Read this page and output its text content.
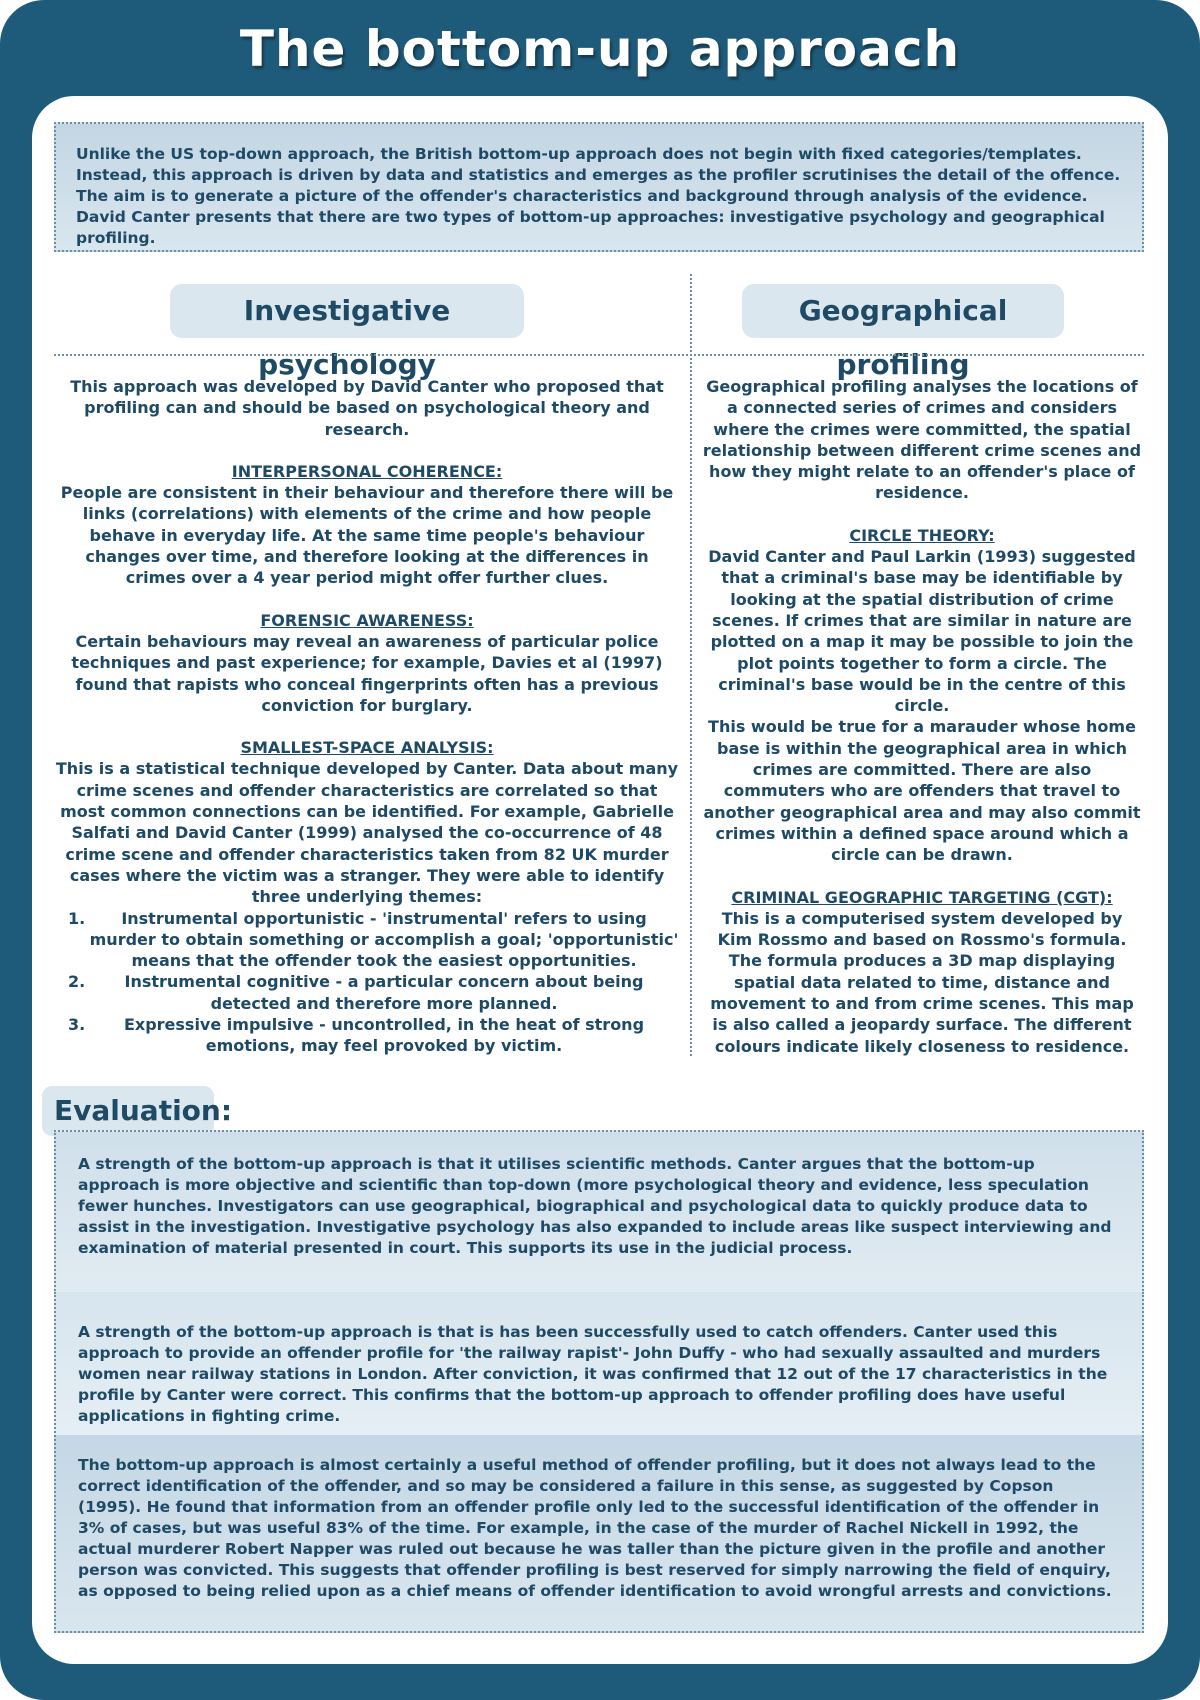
The bottom-up approach
Unlike the US top-down approach, the British bottom-up approach does not begin with fixed categories/templates. Instead, this approach is driven by data and statistics and emerges as the profiler scrutinises the detail of the offence. The aim is to generate a picture of the offender's characteristics and background through analysis of the evidence. David Canter presents that there are two types of bottom-up approaches: investigative psychology and geographical profiling.
Investigative psychology
Geographical profiling

This approach was developed by David Canter who proposed that profiling can and should be based on psychological theory and research.

INTERPERSONAL COHERENCE:

People are consistent in their behaviour and therefore there will be links (correlations) with elements of the crime and how people behave in everyday life. At the same time people's behaviour changes over time, and therefore looking at the differences in crimes over a 4 year period might offer further clues.

FORENSIC AWARENESS:

Certain behaviours may reveal an awareness of particular police techniques and past experience; for example, Davies et al (1997) found that rapists who conceal fingerprints often has a previous conviction for burglary.

SMALLEST-SPACE ANALYSIS:

This is a statistical technique developed by Canter. Data about many crime scenes and offender characteristics are correlated so that most common connections can be identified. For example, Gabrielle Salfati and David Canter (1999) analysed the co-occurrence of 48 crime scene and offender characteristics taken from 82 UK murder cases where the victim was a stranger. They were able to identify three underlying themes:

1. Instrumental opportunistic - 'instrumental' refers to using murder to obtain something or accomplish a goal; 'opportunistic' means that the offender took the easiest opportunities.
2. Instrumental cognitive - a particular concern about being detected and therefore more planned.
3. Expressive impulsive - uncontrolled, in the heat of strong emotions, may feel provoked by victim.

Geographical profiling analyses the locations of a connected series of crimes and considers where the crimes were committed, the spatial relationship between different crime scenes and how they might relate to an offender's place of residence.

CIRCLE THEORY:

David Canter and Paul Larkin (1993) suggested that a criminal's base may be identifiable by looking at the spatial distribution of crime scenes. If crimes that are similar in nature are plotted on a map it may be possible to join the plot points together to form a circle. The criminal's base would be in the centre of this circle.

This would be true for a marauder whose home base is within the geographical area in which crimes are committed. There are also commuters who are offenders that travel to another geographical area and may also commit crimes within a defined space around which a circle can be drawn.

CRIMINAL GEOGRAPHIC TARGETING (CGT):

This is a computerised system developed by Kim Rossmo and based on Rossmo's formula. The formula produces a 3D map displaying spatial data related to time, distance and movement to and from crime scenes. This map is also called a jeopardy surface. The different colours indicate likely closeness to residence.

Evaluation:
A strength of the bottom-up approach is that it utilises scientific methods. Canter argues that the bottom-up approach is more objective and scientific than top-down (more psychological theory and evidence, less speculation fewer hunches. Investigators can use geographical, biographical and psychological data to quickly produce data to assist in the investigation. Investigative psychology has also expanded to include areas like suspect interviewing and examination of material presented in court. This supports its use in the judicial process.
A strength of the bottom-up approach is that is has been successfully used to catch offenders. Canter used this approach to provide an offender profile for 'the railway rapist'- John Duffy - who had sexually assaulted and murders women near railway stations in London. After conviction, it was confirmed that 12 out of the 17 characteristics in the profile by Canter were correct. This confirms that the bottom-up approach to offender profiling does have useful applications in fighting crime.
The bottom-up approach is almost certainly a useful method of offender profiling, but it does not always lead to the correct identification of the offender, and so may be considered a failure in this sense, as suggested by Copson (1995). He found that information from an offender profile only led to the successful identification of the offender in 3% of cases, but was useful 83% of the time. For example, in the case of the murder of Rachel Nickell in 1992, the actual murderer Robert Napper was ruled out because he was taller than the picture given in the profile and another person was convicted. This suggests that offender profiling is best reserved for simply narrowing the field of enquiry, as opposed to being relied upon as a chief means of offender identification to avoid wrongful arrests and convictions.
